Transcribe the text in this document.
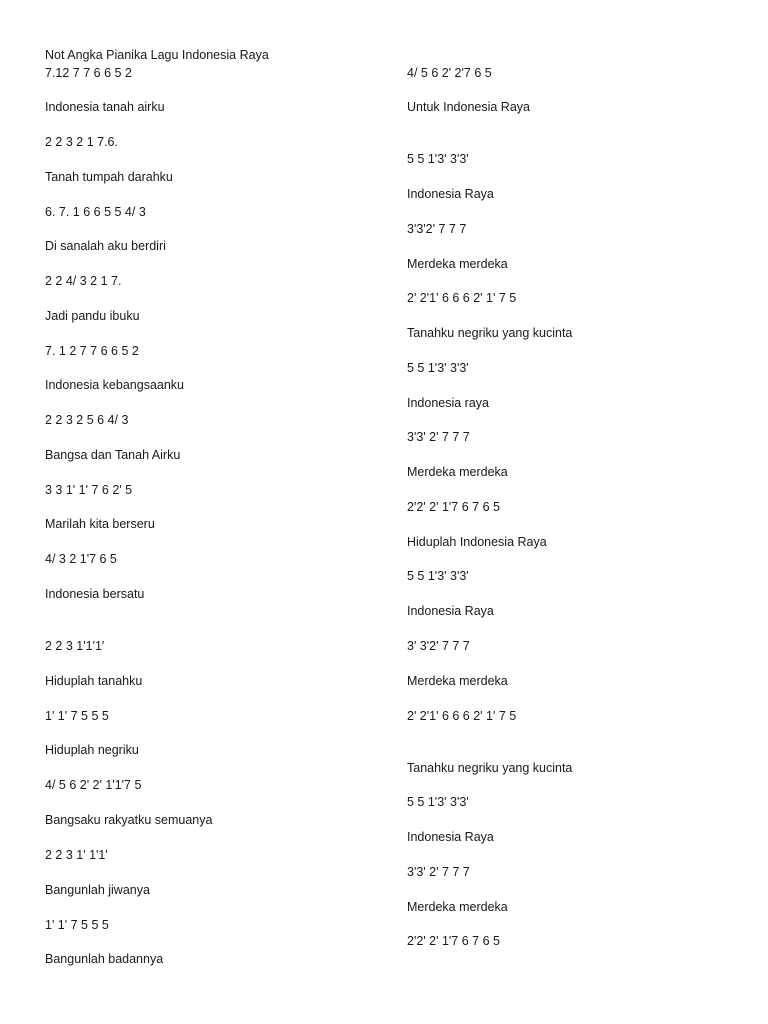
Not Angka Pianika Lagu Indonesia Raya
7.12 7 7 6 6 5 2
Indonesia tanah airku
2 2 3 2 1 7.6.
Tanah tumpah darahku
6. 7. 1 6 6 5 5 4/ 3
Di sanalah aku berdiri
2 2 4/ 3 2 1 7.
Jadi pandu ibuku
7. 1 2 7 7 6 6 5 2
Indonesia kebangsaanku
2 2 3 2 5 6 4/ 3
Bangsa dan Tanah Airku
3 3 1' 1' 7 6 2' 5
Marilah kita berseru
4/ 3 2 1'7 6 5
Indonesia bersatu
2 2 3 1'1'1'
Hiduplah tanahku
1' 1' 7 5 5 5
Hiduplah negriku
4/ 5 6 2' 2' 1'1'7 5
Bangsaku rakyatku semuanya
2 2 3 1' 1'1'
Bangunlah jiwanya
1' 1' 7 5 5 5
Bangunlah badannya
4/ 5 6 2' 2'7 6 5
Untuk Indonesia Raya
5 5 1'3' 3'3'
Indonesia Raya
3'3'2' 7 7 7
Merdeka merdeka
2' 2'1' 6 6 6 2' 1' 7 5
Tanahku negriku yang kucinta
5 5 1'3' 3'3'
Indonesia raya
3'3' 2' 7 7 7
Merdeka merdeka
2'2' 2' 1'7 6 7 6 5
Hiduplah Indonesia Raya
5 5 1'3' 3'3'
Indonesia Raya
3' 3'2' 7 7 7
Merdeka merdeka
2' 2'1' 6 6 6 2' 1' 7 5
Tanahku negriku yang kucinta
5 5 1'3' 3'3'
Indonesia Raya
3'3' 2' 7 7 7
Merdeka merdeka
2'2' 2' 1'7 6 7 6 5
